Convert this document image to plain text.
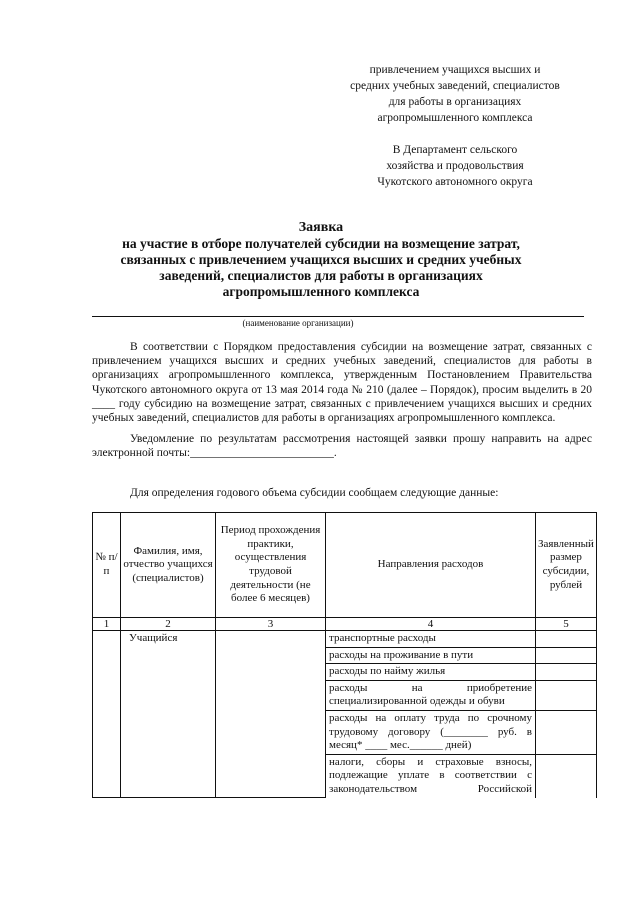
привлечением учащихся высших и
средних учебных заведений, специалистов
для работы в организациях
агропромышленного комплекса
В Департамент сельского
хозяйства и продовольствия
Чукотского автономного округа
Заявка
на участие в отборе получателей субсидии на возмещение затрат,
связанных с привлечением учащихся высших и средних учебных
заведений, специалистов для работы в организациях
агропромышленного комплекса
(наименование организации)
В соответствии с Порядком предоставления субсидии на возмещение затрат, связанных с привлечением учащихся высших и средних учебных заведений, специалистов для работы в организациях агропромышленного комплекса, утвержденным Постановлением Правительства Чукотского автономного округа от 13 мая 2014 года № 210 (далее – Порядок), просим выделить в 20 ____ году субсидию на возмещение затрат, связанных с привлечением учащихся высших и средних учебных заведений, специалистов для работы в организациях агропромышленного комплекса.
Уведомление по результатам рассмотрения настоящей заявки прошу направить на адрес электронной почты:_________________________.
Для определения годового объема субсидии сообщаем следующие данные:
№ п/п	Фамилия, имя, отчество учащихся (специалистов)	Период прохождения практики, осуществления трудовой деятельности (не более 6 месяцев)	Направления расходов	Заявленный размер субсидии, рублей
1	2	3	4	5
	Учащийся		транспортные расходы	
			расходы на проживание в пути	
			расходы по найму жилья	
			расходы на приобретение специализированной одежды и обуви	
			расходы на оплату труда по срочному трудовому договору (________ руб. в месяц* ____ мес.______ дней)	
			налоги, сборы и страховые взносы, подлежащие уплате в соответствии с законодательством Российской	
